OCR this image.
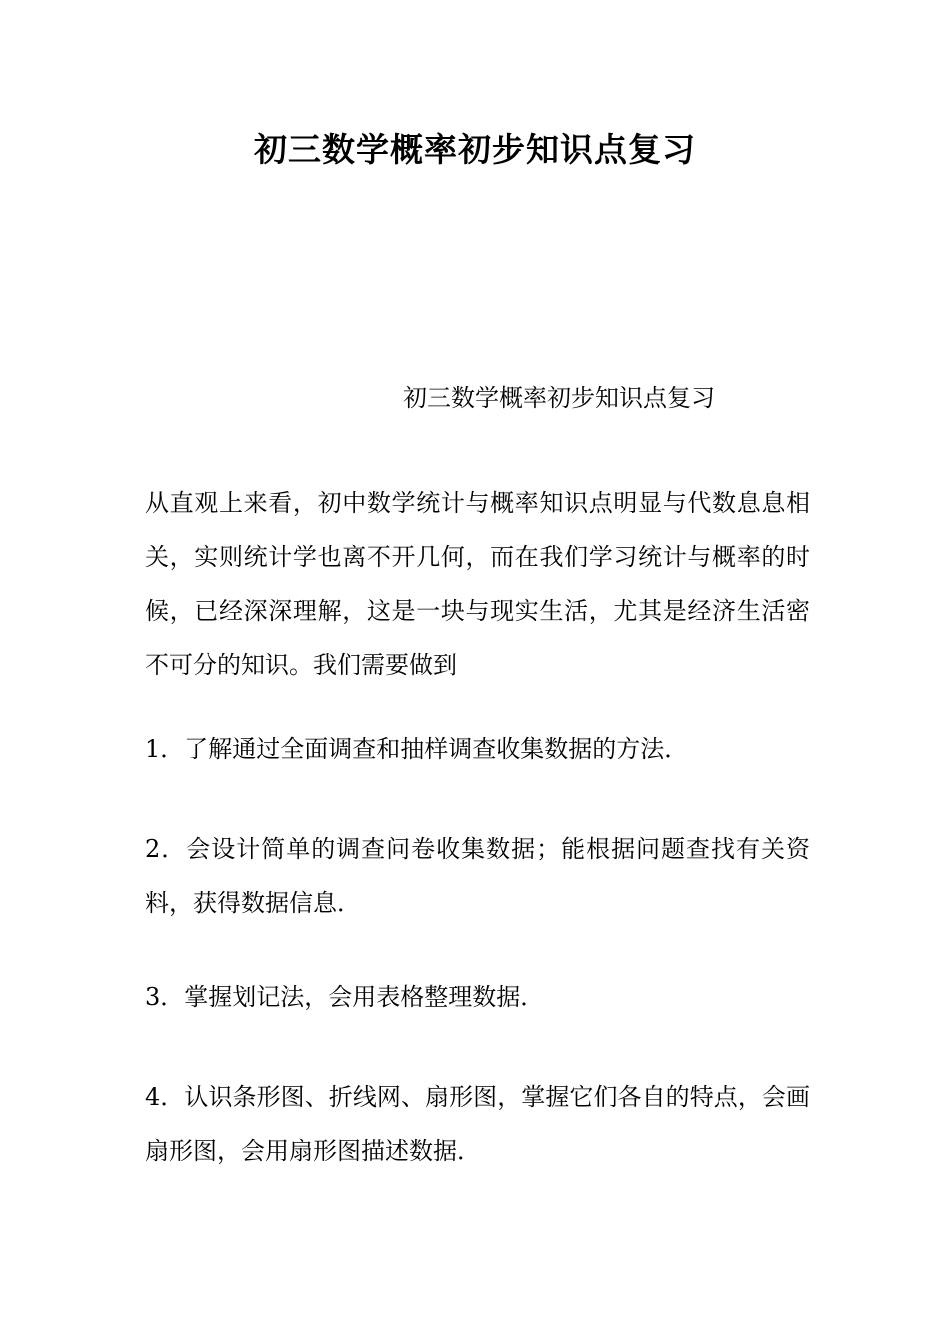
初三数学概率初步知识点复习

初三数学概率初步知识点复习

从直观上来看，初中数学统计与概率知识点明显与代数息息相关，实则统计学也离不开几何，而在我们学习统计与概率的时候，已经深深理解，这是一块与现实生活，尤其是经济生活密不可分的知识。我们需要做到

1．了解通过全面调查和抽样调查收集数据的方法．

2．会设计简单的调查问卷收集数据；能根据问题查找有关资料，获得数据信息．

3．掌握划记法，会用表格整理数据．

4．认识条形图、折线网、扇形图，掌握它们各自的特点，会画扇形图，会用扇形图描述数据．
